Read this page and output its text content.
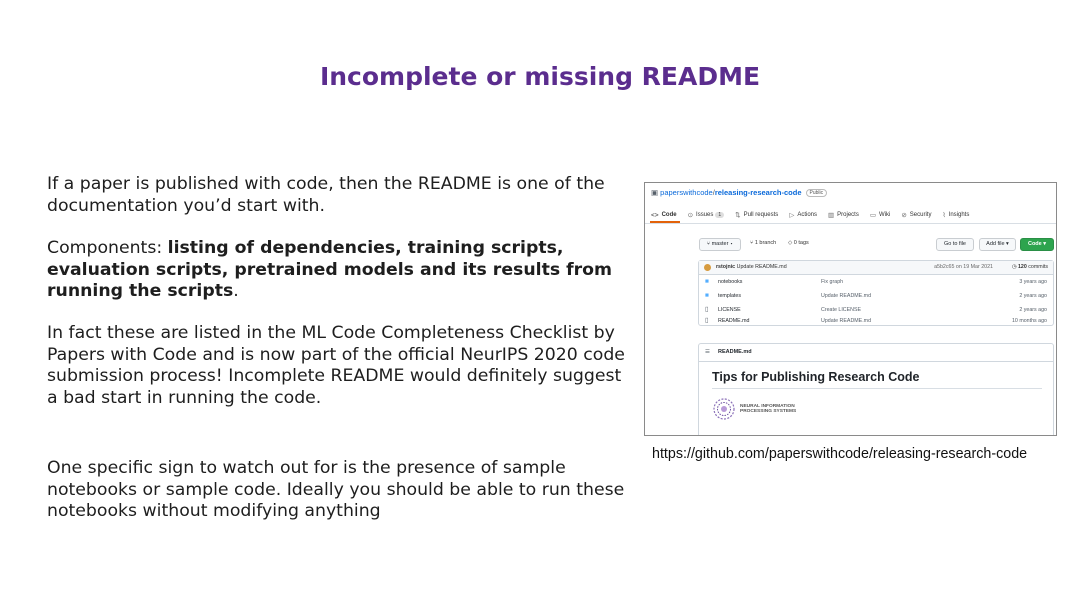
Incomplete or missing README
If a paper is published with code, then the README is one of the documentation you’d start with.
Components: listing of dependencies, training scripts, evaluation scripts, pretrained models and its results from running the scripts.
In fact these are listed in the ML Code Completeness Checklist by Papers with Code and is now part of the official NeurIPS 2020 code submission process! Incomplete README would definitely suggest a bad start in running the code.
One specific sign to watch out for is the presence of sample notebooks or sample code. Ideally you should be able to run these notebooks without modifying anything
▣ paperswithcode/releasing-research-code Public
<> Code ⊙ Issues	1	⇅ Pull requests ▷ Actions ▥ Projects ▭ Wiki ⊘ Security ⌇ Insights
⑂ master ▾	⑂ 1 branch ◇ 0 tags	Go to file	Add file ▾	Code ▾
rstojnic Update README.md	a5b2c65 on 19 Mar 2021	◷ 120 commits
■ notebooks	Fix graph	3 years ago
■ templates	Update README.md	2 years ago
▯ LICENSE	Create LICENSE	2 years ago
▯ README.md	Update README.md	10 months ago
☰ README.md
Tips for Publishing Research Code
NEURAL INFORMATION
PROCESSING SYSTEMS
https://github.com/paperswithcode/releasing-research-code
